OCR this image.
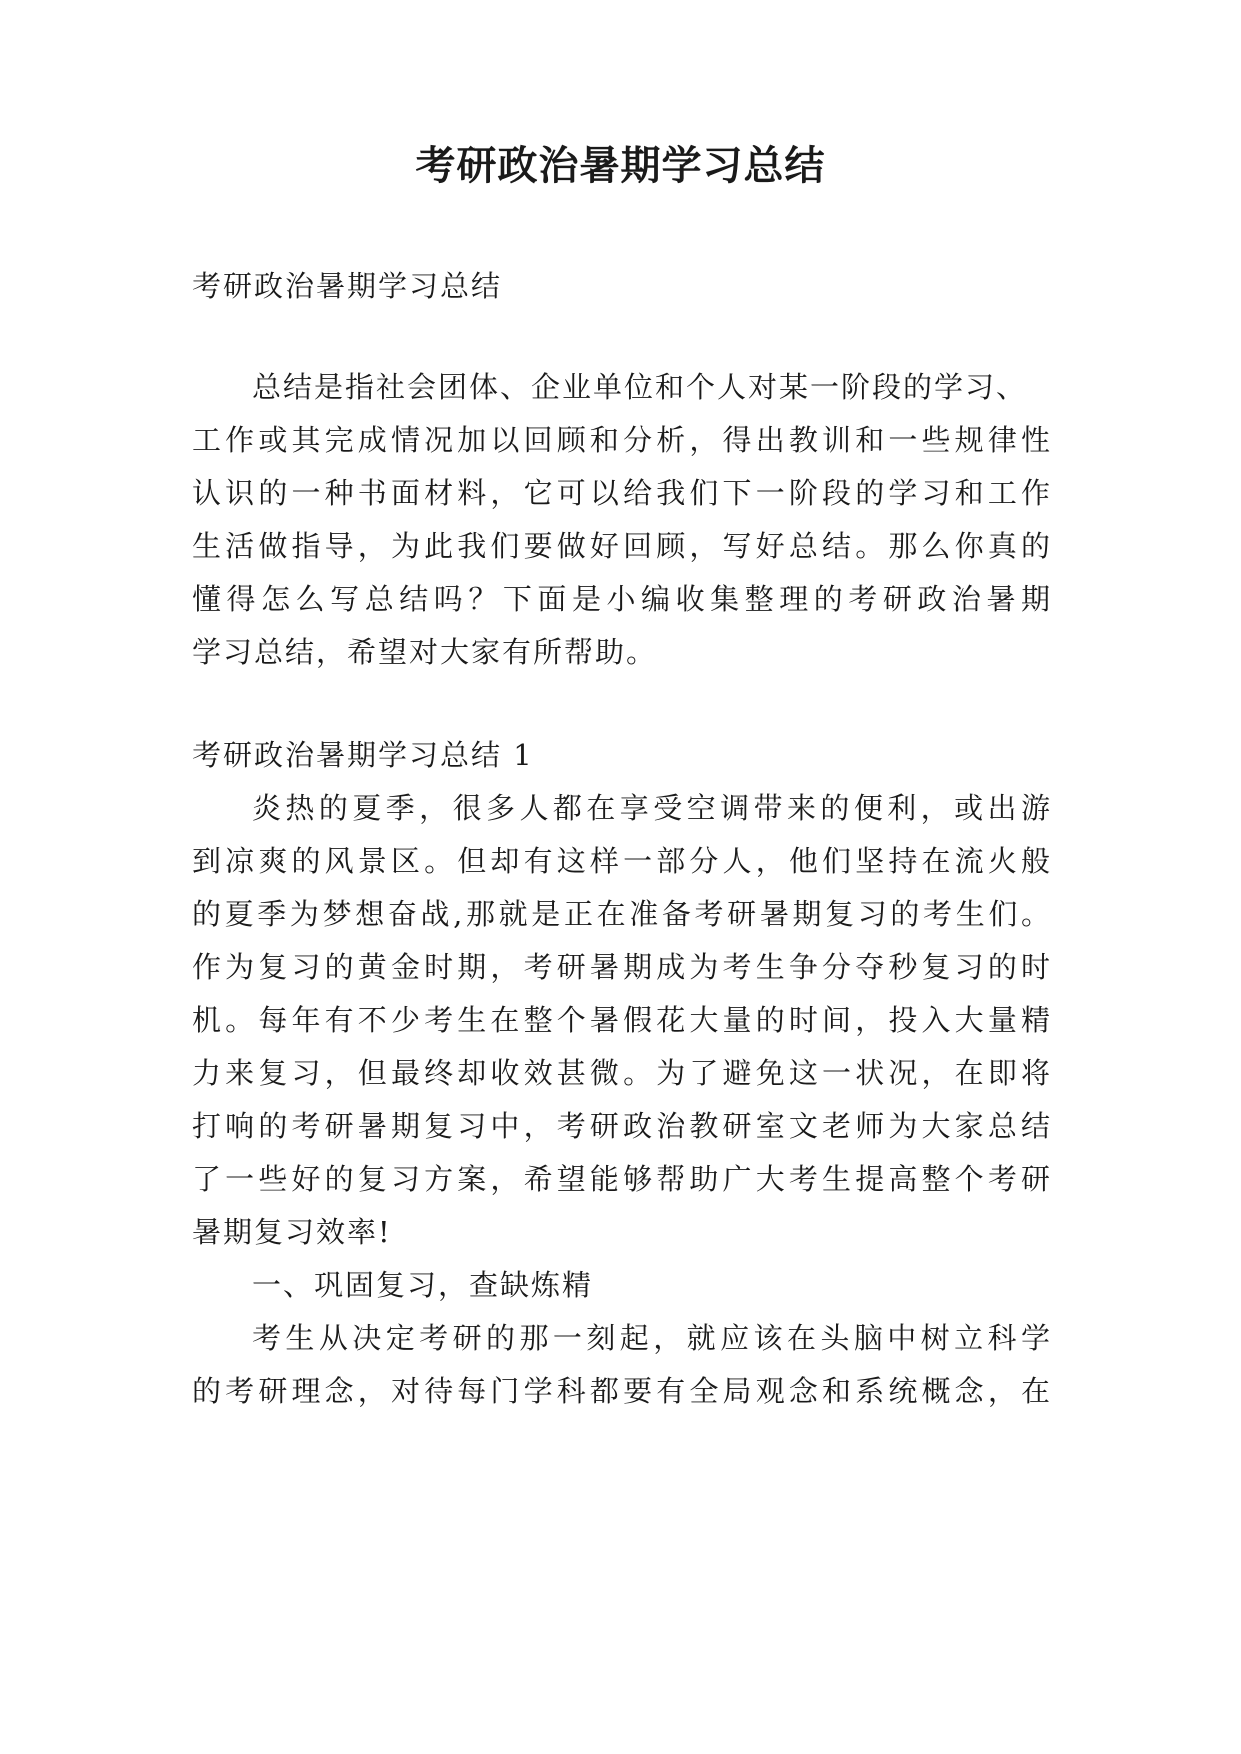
考研政治暑期学习总结
考研政治暑期学习总结
总结是指社会团体、企业单位和个人对某一阶段的学习、
工作或其完成情况加以回顾和分析，得出教训和一些规律性
认识的一种书面材料，它可以给我们下一阶段的学习和工作
生活做指导，为此我们要做好回顾，写好总结。那么你真的
懂得怎么写总结吗？下面是小编收集整理的考研政治暑期
学习总结，希望对大家有所帮助。
考研政治暑期学习总结 1
炎热的夏季，很多人都在享受空调带来的便利，或出游
到凉爽的风景区。但却有这样一部分人，他们坚持在流火般
的夏季为梦想奋战,那就是正在准备考研暑期复习的考生们。
作为复习的黄金时期，考研暑期成为考生争分夺秒复习的时
机。每年有不少考生在整个暑假花大量的时间，投入大量精
力来复习，但最终却收效甚微。为了避免这一状况，在即将
打响的考研暑期复习中，考研政治教研室文老师为大家总结
了一些好的复习方案，希望能够帮助广大考生提高整个考研
暑期复习效率!
一、巩固复习，查缺炼精
考生从决定考研的那一刻起，就应该在头脑中树立科学
的考研理念，对待每门学科都要有全局观念和系统概念，在
